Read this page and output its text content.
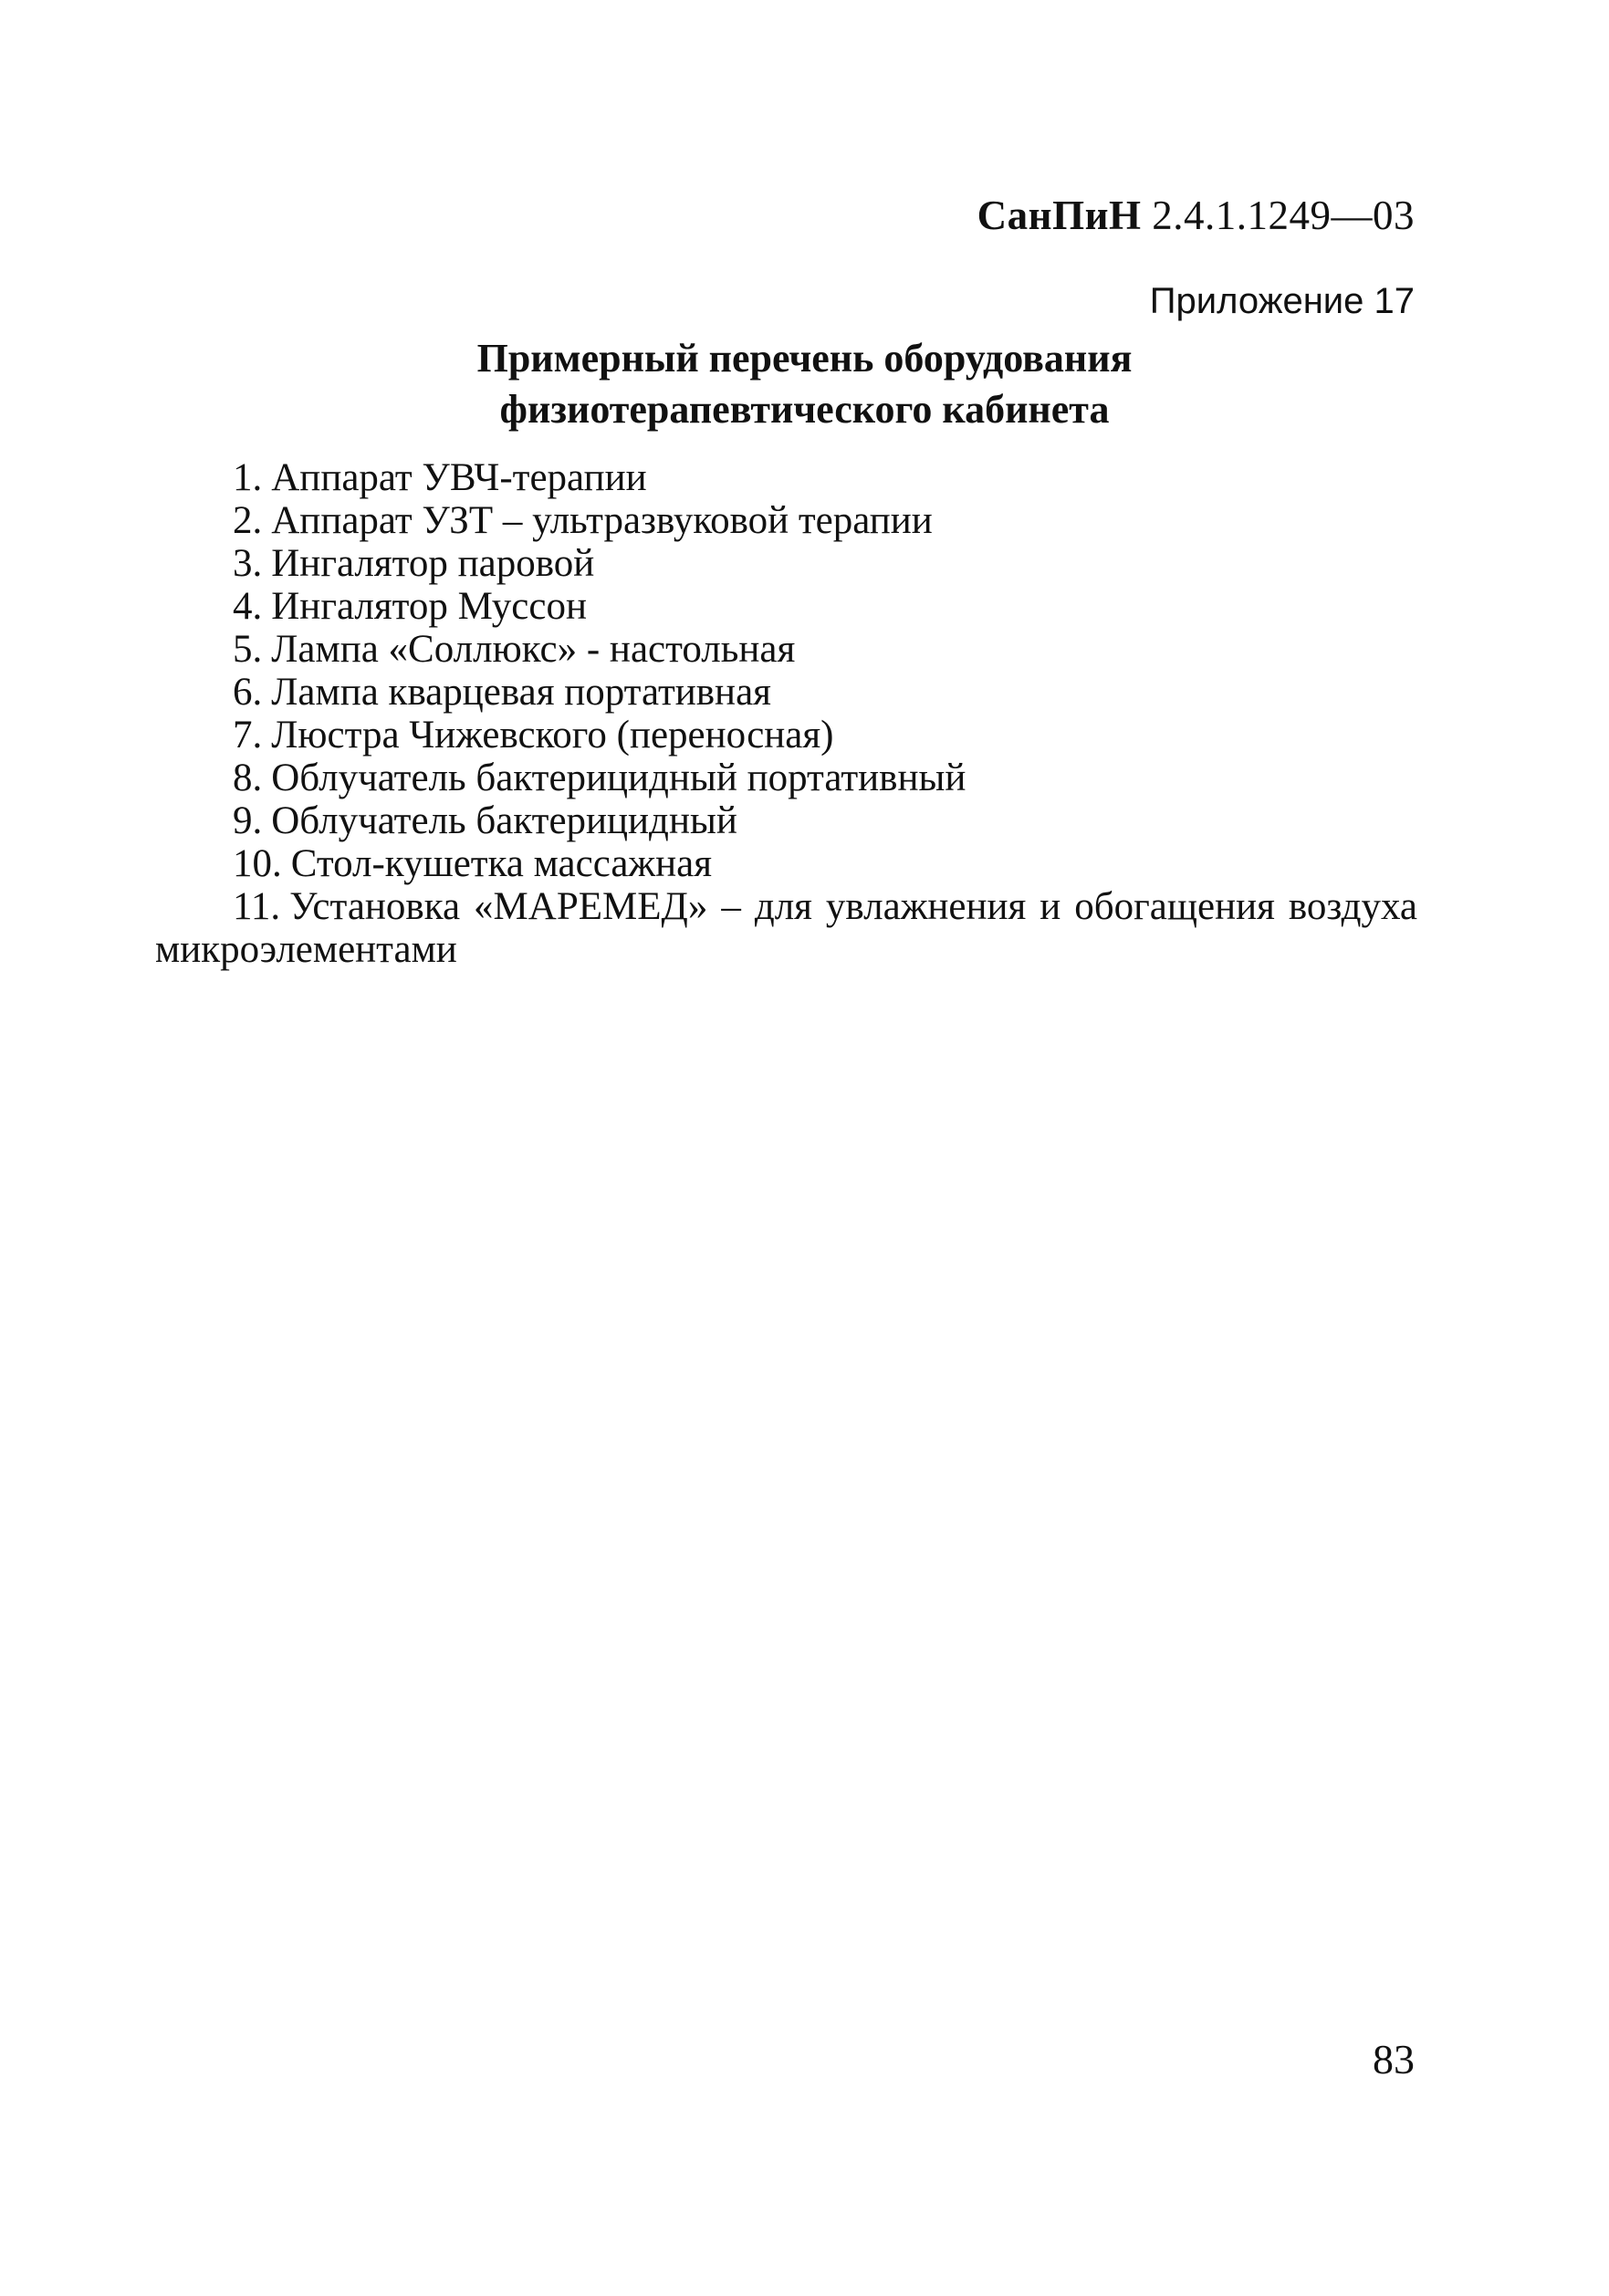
СанПиН 2.4.1.1249—03
Приложение 17
Примерный перечень оборудования
физиотерапевтического кабинета
1. Аппарат УВЧ-терапии
2. Аппарат УЗТ – ультразвуковой терапии
3. Ингалятор паровой
4. Ингалятор Муссон
5. Лампа «Соллюкс» - настольная
6. Лампа кварцевая портативная
7. Люстра Чижевского (переносная)
8. Облучатель бактерицидный портативный
9. Облучатель бактерицидный
10. Стол-кушетка массажная
11. Установка «МАРЕМЕД» – для увлажнения и обогащения воздуха микроэлементами
83
